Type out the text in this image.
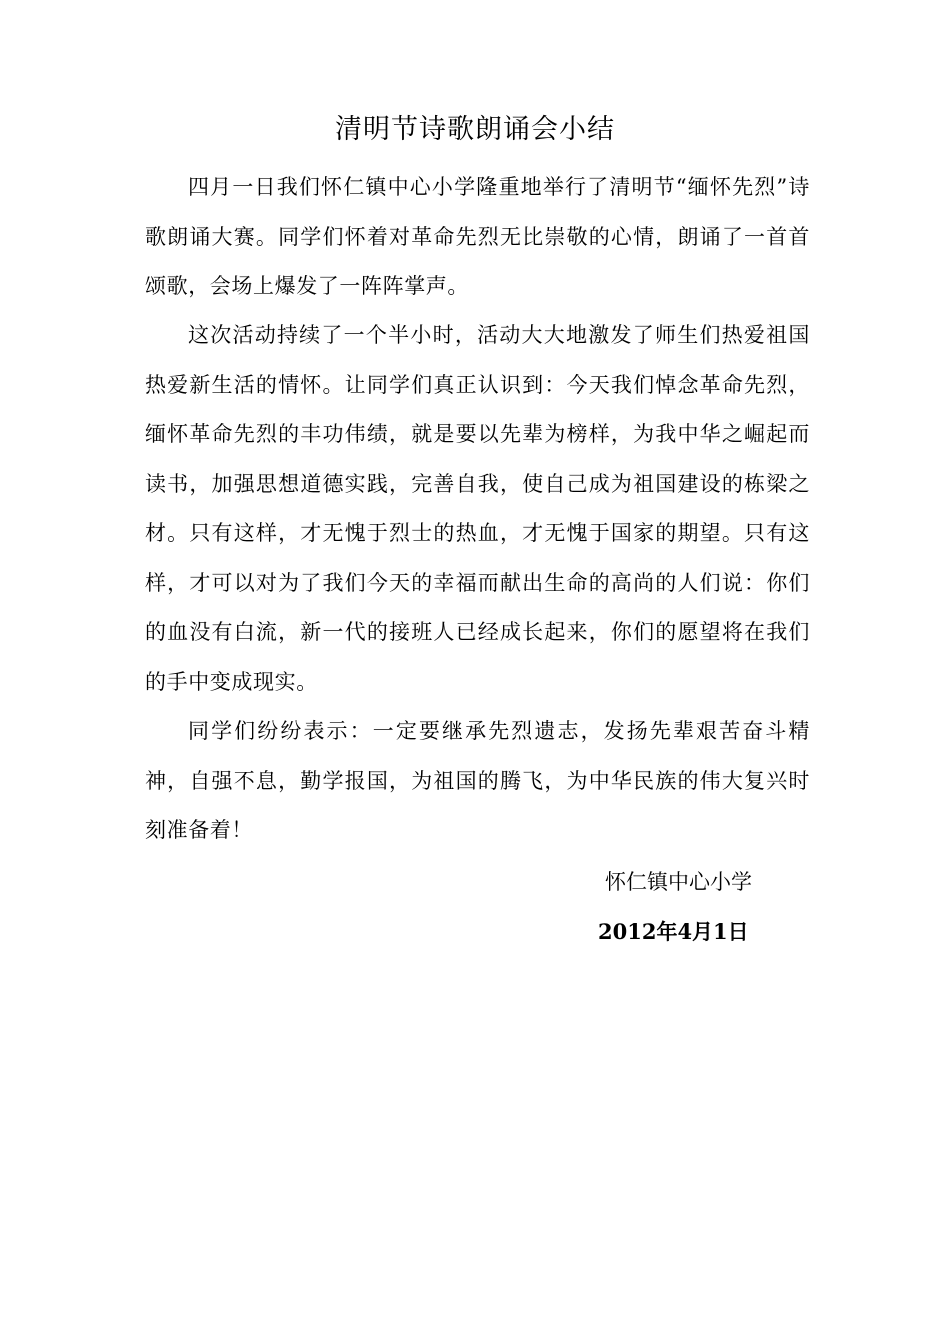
清明节诗歌朗诵会小结

四月一日我们怀仁镇中心小学隆重地举行了清明节“缅怀先烈”诗歌朗诵大赛。同学们怀着对革命先烈无比崇敬的心情，朗诵了一首首颂歌，会场上爆发了一阵阵掌声。

这次活动持续了一个半小时，活动大大地激发了师生们热爱祖国热爱新生活的情怀。让同学们真正认识到：今天我们悼念革命先烈，缅怀革命先烈的丰功伟绩，就是要以先辈为榜样，为我中华之崛起而读书，加强思想道德实践，完善自我，使自己成为祖国建设的栋梁之材。只有这样，才无愧于烈士的热血，才无愧于国家的期望。只有这样，才可以对为了我们今天的幸福而献出生命的高尚的人们说：你们的血没有白流，新一代的接班人已经成长起来，你们的愿望将在我们的手中变成现实。

同学们纷纷表示：一定要继承先烈遗志，发扬先辈艰苦奋斗精神，自强不息，勤学报国，为祖国的腾飞，为中华民族的伟大复兴时刻准备着！

怀仁镇中心小学
2012年4月1日
